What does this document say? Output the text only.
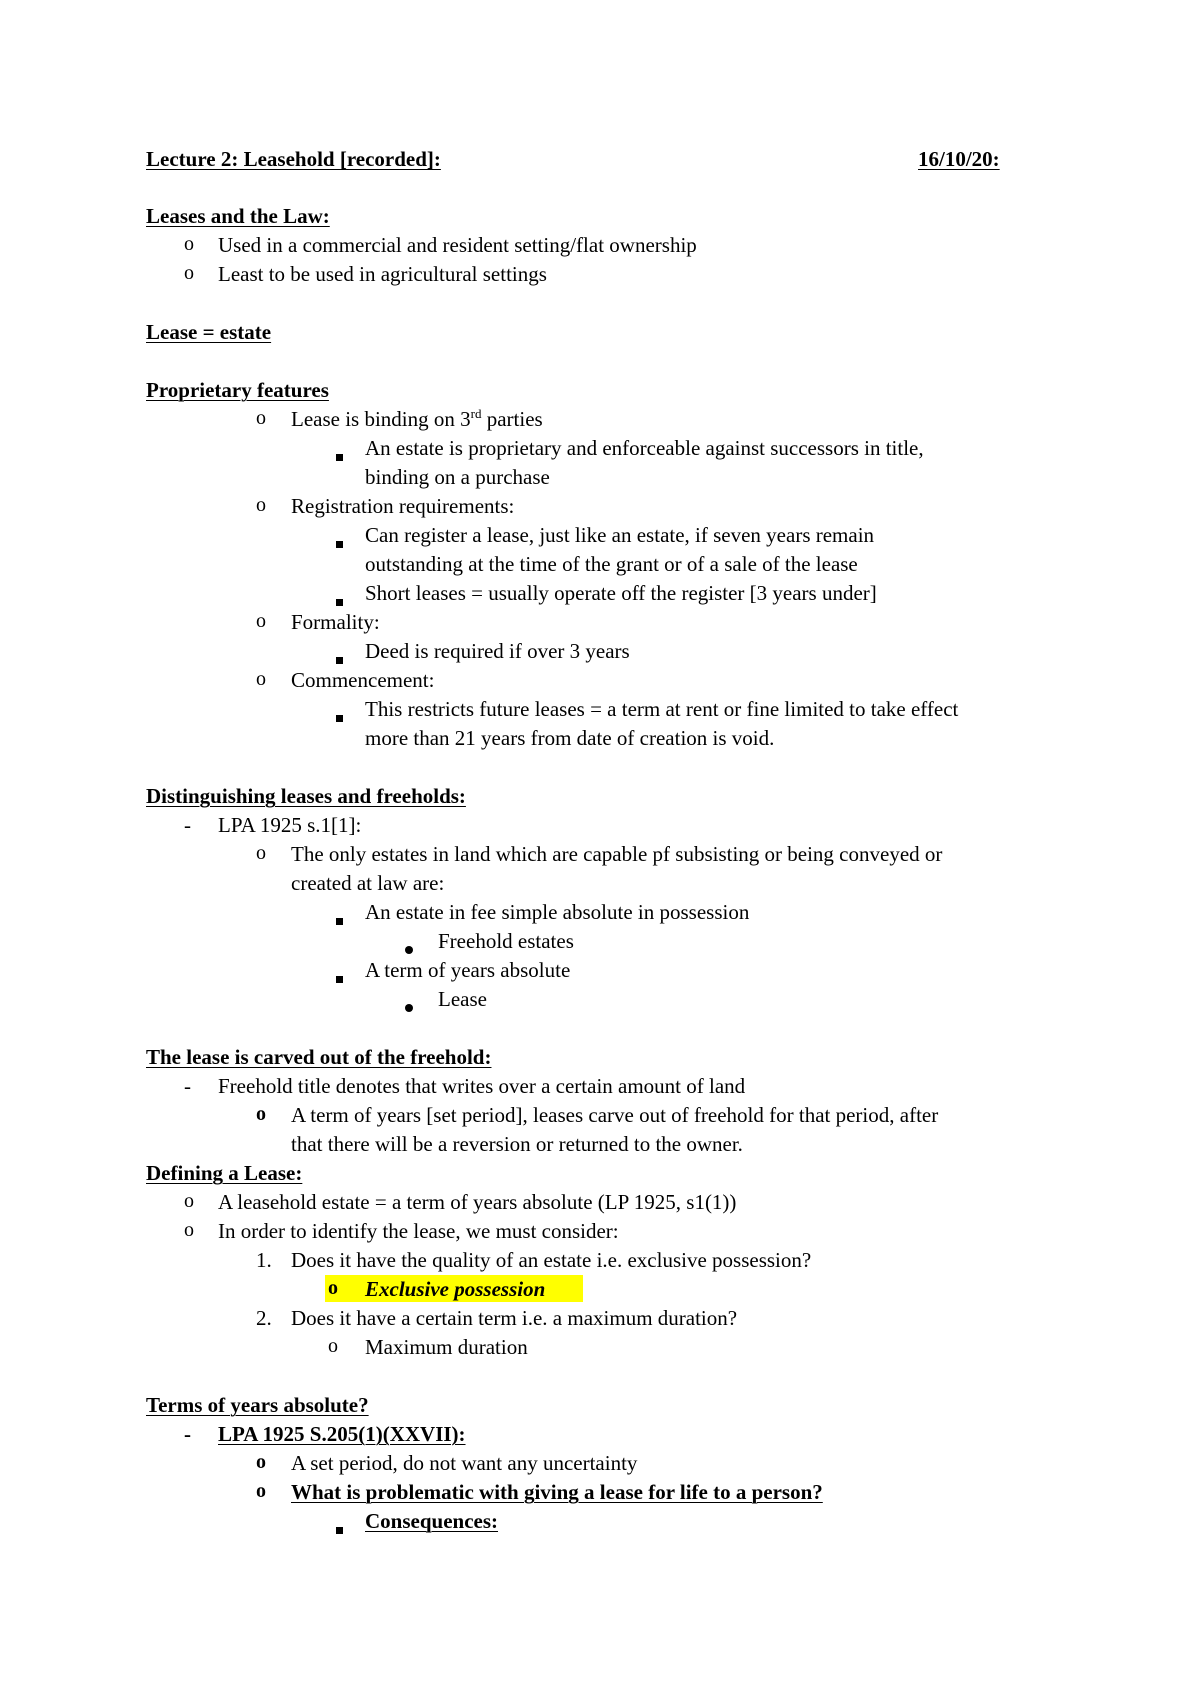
Lecture 2: Leasehold [recorded]:	16/10/20:
Leases and the Law:
o Used in a commercial and resident setting/flat ownership
o Least to be used in agricultural settings
Lease = estate
Proprietary features
o Lease is binding on 3rd parties
An estate is proprietary and enforceable against successors in title,
binding on a purchase
o Registration requirements:
Can register a lease, just like an estate, if seven years remain
outstanding at the time of the grant or of a sale of the lease
Short leases = usually operate off the register [3 years under]
o Formality:
Deed is required if over 3 years
o Commencement:
This restricts future leases = a term at rent or fine limited to take effect
more than 21 years from date of creation is void.
Distinguishing leases and freeholds:
- LPA 1925 s.1[1]:
o The only estates in land which are capable pf subsisting or being conveyed or
created at law are:
An estate in fee simple absolute in possession
Freehold estates
A term of years absolute
Lease
The lease is carved out of the freehold:
- Freehold title denotes that writes over a certain amount of land
o A term of years [set period], leases carve out of freehold for that period, after
that there will be a reversion or returned to the owner.
Defining a Lease:
o A leasehold estate = a term of years absolute (LP 1925, s1(1))
o In order to identify the lease, we must consider:
1. Does it have the quality of an estate i.e. exclusive possession?
o Exclusive possession
2. Does it have a certain term i.e. a maximum duration?
o Maximum duration
Terms of years absolute?
- LPA 1925 S.205(1)(XXVII):
o A set period, do not want any uncertainty
o What is problematic with giving a lease for life to a person?
Consequences:
